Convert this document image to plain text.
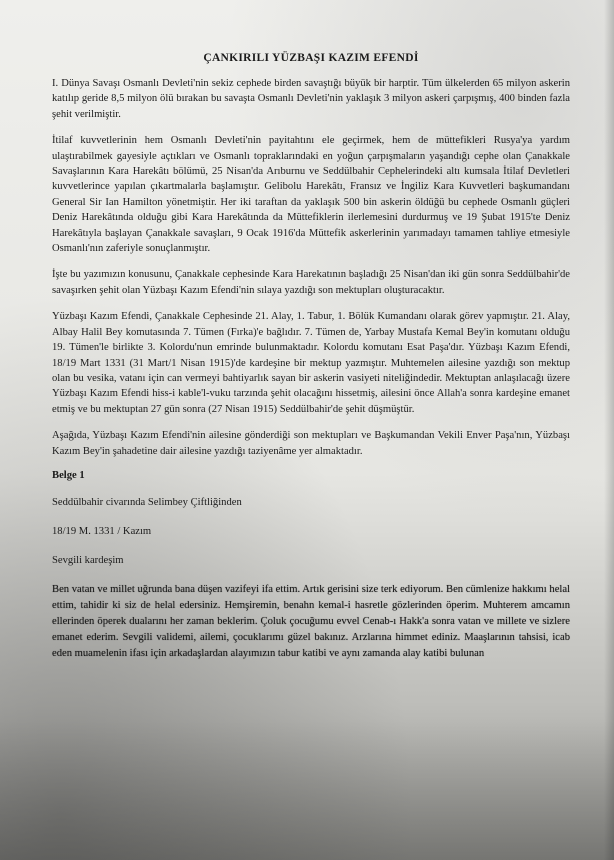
ÇANKIRILI YÜZBAŞI KAZIM EFENDİ

I. Dünya Savaşı Osmanlı Devleti'nin sekiz cephede birden savaştığı büyük bir harptir. Tüm ülkelerden 65 milyon askerin katılıp geride 8,5 milyon ölü bırakan bu savaşta Osmanlı Devleti'nin yaklaşık 3 milyon askeri çarpışmış, 400 binden fazla şehit verilmiştir.

İtilaf kuvvetlerinin hem Osmanlı Devleti'nin payitahtını ele geçirmek, hem de müttefikleri Rusya'ya yardım ulaştırabilmek gayesiyle açtıkları ve Osmanlı topraklarındaki en yoğun çarpışmaların yaşandığı cephe olan Çanakkale Savaşlarının Kara Harekâtı bölümü, 25 Nisan'da Arıburnu ve Seddülbahir Cephelerindeki altı kumsala İtilaf Devletleri kuvvetlerince yapılan çıkartmalarla başlamıştır. Gelibolu Harekâtı, Fransız ve İngiliz Kara Kuvvetleri başkumandanı General Sir Ian Hamilton yönetmiştir. Her iki taraftan da yaklaşık 500 bin askerin öldüğü bu cephede Osmanlı güçleri Deniz Harekâtında olduğu gibi Kara Harekâtında da Müttefiklerin ilerlemesini durdurmuş ve 19 Şubat 1915'te Deniz Harekâtıyla başlayan Çanakkale savaşları, 9 Ocak 1916'da Müttefik askerlerinin yarımadayı tamamen tahliye etmesiyle Osmanlı'nın zaferiyle sonuçlanmıştır.

İşte bu yazımızın konusunu, Çanakkale cephesinde Kara Harekatının başladığı 25 Nisan'dan iki gün sonra Seddülbahir'de savaşırken şehit olan Yüzbaşı Kazım Efendi'nin sılaya yazdığı son mektupları oluşturacaktır.

Yüzbaşı Kazım Efendi, Çanakkale Cephesinde 21. Alay, 1. Tabur, 1. Bölük Kumandanı olarak görev yapmıştır. 21. Alay, Albay Halil Bey komutasında 7. Tümen (Fırka)'e bağlıdır. 7. Tümen de, Yarbay Mustafa Kemal Bey'in komutanı olduğu 19. Tümen'le birlikte 3. Kolordu'nun emrinde bulunmaktadır. Kolordu komutanı Esat Paşa'dır. Yüzbaşı Kazım Efendi, 18/19 Mart 1331 (31 Mart/1 Nisan 1915)'de kardeşine bir mektup yazmıştır. Muhtemelen ailesine yazdığı son mektup olan bu vesika, vatanı için can vermeyi bahtiyarlık sayan bir askerin vasiyeti niteliğindedir. Mektuptan anlaşılacağı üzere Yüzbaşı Kazım Efendi hiss-i kable'l-vuku tarzında şehit olacağını hissetmiş, ailesini önce Allah'a sonra kardeşine emanet etmiş ve bu mektuptan 27 gün sonra (27 Nisan 1915) Seddülbahir'de şehit düşmüştür.

Aşağıda, Yüzbaşı Kazım Efendi'nin ailesine gönderdiği son mektupları ve Başkumandan Vekili Enver Paşa'nın, Yüzbaşı Kazım Bey'in şahadetine dair ailesine yazdığı taziyenâme yer almaktadır.

Belge 1
Seddülbahir civarında Selimbey Çiftliğinden
18/19 M. 1331 / Kazım
Sevgili kardeşim

Ben vatan ve millet uğrunda bana düşen vazifeyi ifa ettim. Artık gerisini size terk ediyorum. Ben cümlenize hakkımı helal ettim, tahidir ki siz de helal edersiniz. Hemşiremin, benahn kemal-i hasretle gözlerinden öperim. Muhterem amcamın ellerinden öperek dualarını her zaman beklerim. Çoluk çocuğumu evvel Cenab-ı Hakk'a sonra vatan ve millete ve sizlere emanet ederim. Sevgili validemi, ailemi, çocuklarımı güzel bakınız. Arzlarına himmet ediniz. Maaşlarının tahsisi, icab eden muamelenin ifası için arkadaşlardan alayımızın tabur katibi ve aynı zamanda alay katibi bulunan
